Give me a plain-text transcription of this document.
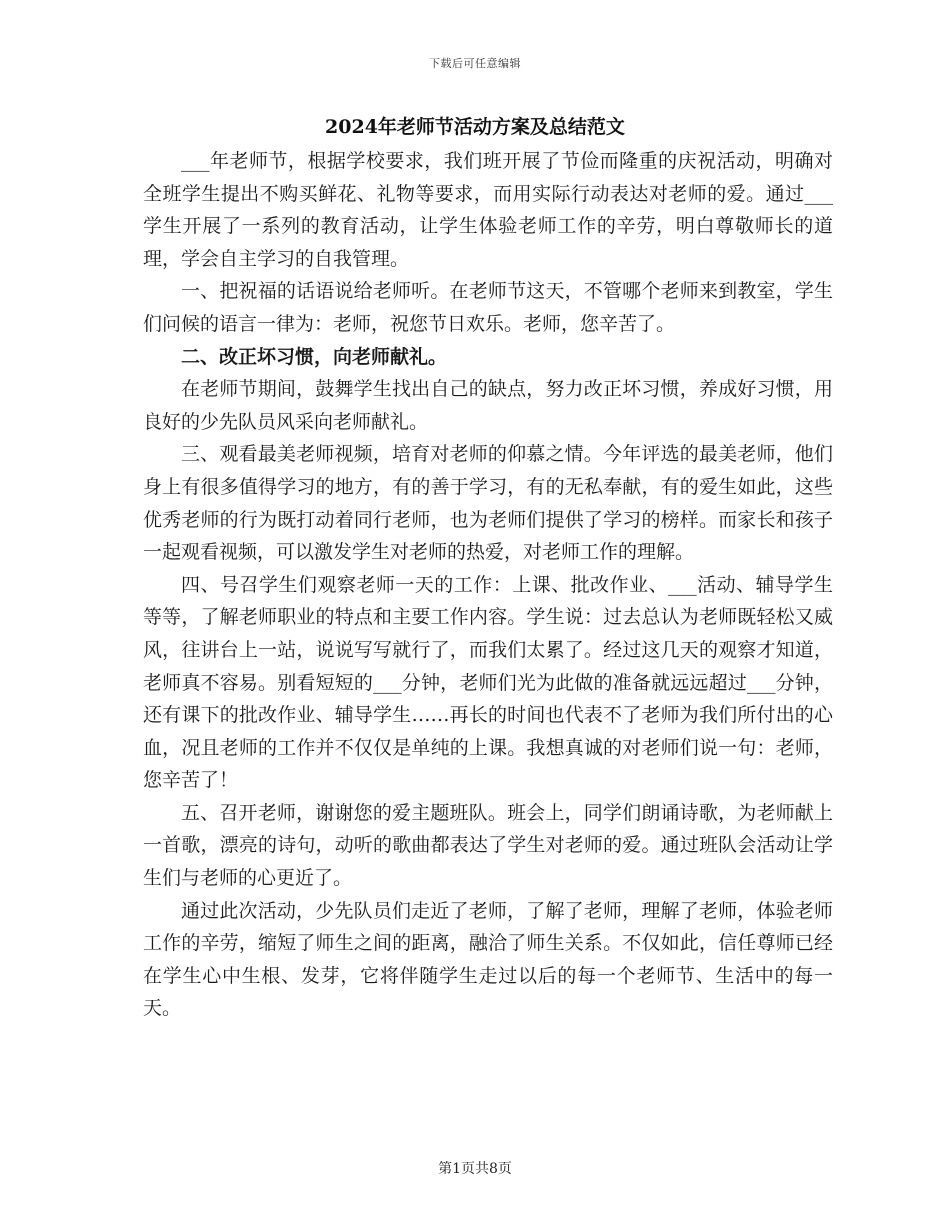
下载后可任意编辑
2024年老师节活动方案及总结范文

___年老师节，根据学校要求，我们班开展了节俭而隆重的庆祝活动，明确对全班学生提出不购买鲜花、礼物等要求，而用实际行动表达对老师的爱。通过___学生开展了一系列的教育活动，让学生体验老师工作的辛劳，明白尊敬师长的道理，学会自主学习的自我管理。

一、把祝福的话语说给老师听。在老师节这天，不管哪个老师来到教室，学生们问候的语言一律为：老师，祝您节日欢乐。老师，您辛苦了。

二、改正坏习惯，向老师献礼。

在老师节期间，鼓舞学生找出自己的缺点，努力改正坏习惯，养成好习惯，用良好的少先队员风采向老师献礼。

三、观看最美老师视频，培育对老师的仰慕之情。今年评选的最美老师，他们身上有很多值得学习的地方，有的善于学习，有的无私奉献，有的爱生如此，这些优秀老师的行为既打动着同行老师，也为老师们提供了学习的榜样。而家长和孩子一起观看视频，可以激发学生对老师的热爱，对老师工作的理解。

四、号召学生们观察老师一天的工作：上课、批改作业、___活动、辅导学生等等，了解老师职业的特点和主要工作内容。学生说：过去总认为老师既轻松又威风，往讲台上一站，说说写写就行了，而我们太累了。经过这几天的观察才知道，老师真不容易。别看短短的___分钟，老师们光为此做的准备就远远超过___分钟，还有课下的批改作业、辅导学生……再长的时间也代表不了老师为我们所付出的心血，况且老师的工作并不仅仅是单纯的上课。我想真诚的对老师们说一句：老师，您辛苦了！

五、召开老师，谢谢您的爱主题班队。班会上，同学们朗诵诗歌，为老师献上一首歌，漂亮的诗句，动听的歌曲都表达了学生对老师的爱。通过班队会活动让学生们与老师的心更近了。

通过此次活动，少先队员们走近了老师，了解了老师，理解了老师，体验老师工作的辛劳，缩短了师生之间的距离，融洽了师生关系。不仅如此，信任尊师已经在学生心中生根、发芽，它将伴随学生走过以后的每一个老师节、生活中的每一天。

第1页共8页
